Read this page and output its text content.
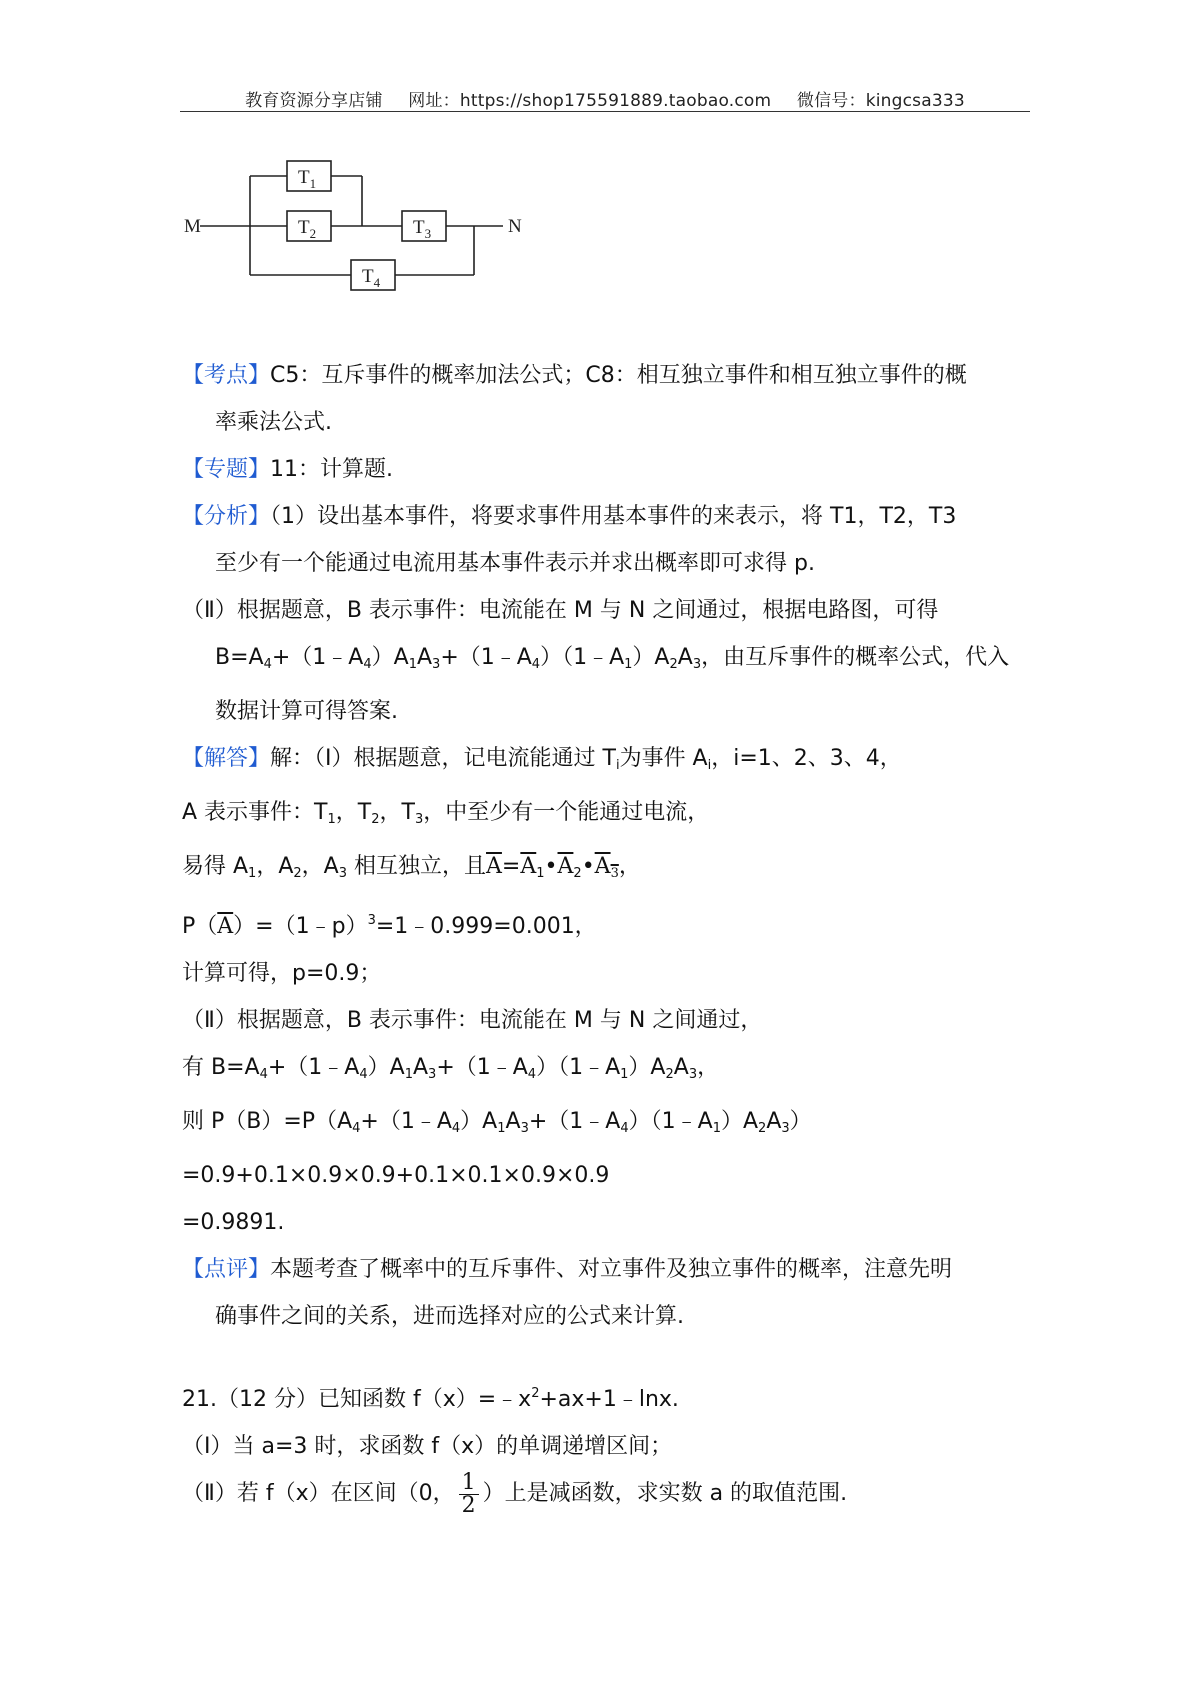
教育资源分享店铺 网址：https://shop175591889.taobao.com 微信号：kingcsa333
M	N
$T_1$
$T_2$	$T_3$
$T_4$

【考点】C5：互斥事件的概率加法公式；C8：相互独立事件和相互独立事件的概

率乘法公式.

【专题】11：计算题.

【分析】（1）设出基本事件，将要求事件用基本事件的来表示，将 T1，T2，T3

至少有一个能通过电流用基本事件表示并求出概率即可求得 p.

（Ⅱ）根据题意，B 表示事件：电流能在 M 与 N 之间通过，根据电路图，可得

$B=A_4+(1﹣A_4)A_1A_3+(1﹣A_4)(1﹣A_1)A_2A_3$，由互斥事件的概率公式，代入

数据计算可得答案.

【解答】解：（Ⅰ）根据题意，记电流能通过 $T_i$为事件 $A_i$，i=1、2、3、4，

A 表示事件：$T_1$，$T_2$，$T_3$，中至少有一个能通过电流，

易得 $A_1$，$A_2$，$A_3$ 相互独立，且$\overline{A}=\overline{A}_1•\overline{A}_2•A_3$，

$P(\overline{A})=(1﹣p)^3=1﹣0.999=0.001$，

计算可得，p=0.9；

（Ⅱ）根据题意，B 表示事件：电流能在 M 与 N 之间通过，

有 $B=A_4+(1﹣A_4)A_1A_3+(1﹣A_4)(1﹣A_1)A_2A_3$，

则 $P(B)=P(A_4+(1﹣A_4)A_1A_3+(1﹣A_4)(1﹣A_1)A_2A_3)$

=0.9+0.1×0.9×0.9+0.1×0.1×0.9×0.9

=0.9891.

【点评】本题考查了概率中的互斥事件、对立事件及独立事件的概率，注意先明

确事件之间的关系，进而选择对应的公式来计算.

21.（12 分）已知函数 $f(x)=﹣x^2+ax+1﹣\ln x$.

（Ⅰ）当 a=3 时，求函数 f（x）的单调递增区间；

（Ⅱ）若 f（x）在区间（0， $\frac{1}{2}$ ）上是减函数，求实数 a 的取值范围.
